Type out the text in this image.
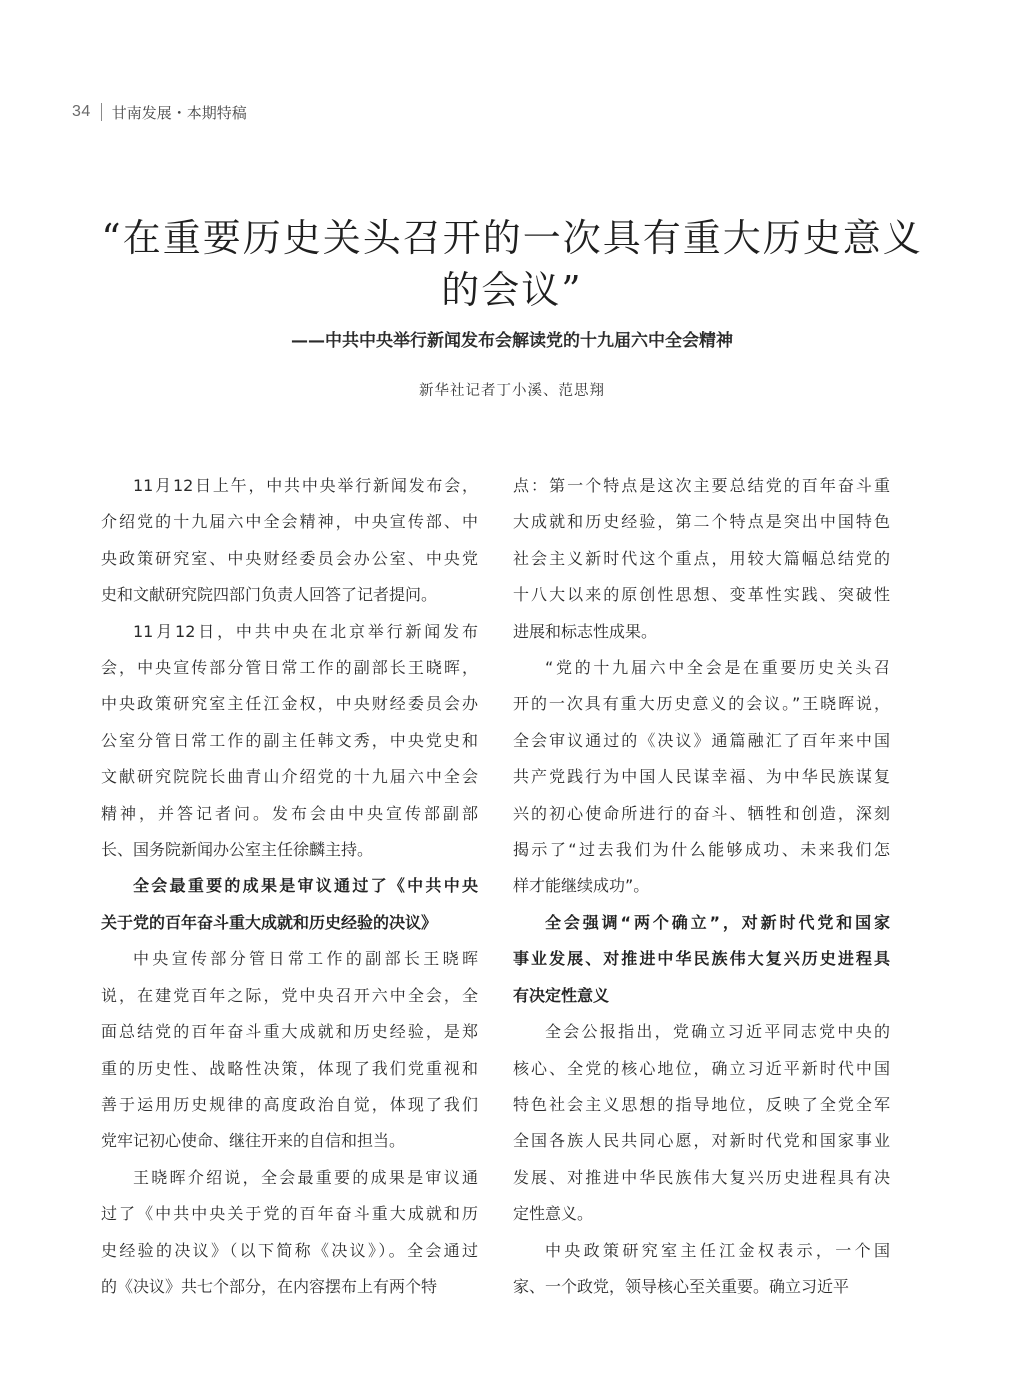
34 甘南发展・本期特稿
“在重要历史关头召开的一次具有重大历史意义
的会议”
——中共中央举行新闻发布会解读党的十九届六中全会精神
新华社记者丁小溪、范思翔

11月12日上午，中共中央举行新闻发布会，
介绍党的十九届六中全会精神，中央宣传部、中
央政策研究室、中央财经委员会办公室、中央党
史和文献研究院四部门负责人回答了记者提问。

11月12日，中共中央在北京举行新闻发布
会，中央宣传部分管日常工作的副部长王晓晖，
中央政策研究室主任江金权，中央财经委员会办
公室分管日常工作的副主任韩文秀，中央党史和
文献研究院院长曲青山介绍党的十九届六中全会
精神，并答记者问。发布会由中央宣传部副部
长、国务院新闻办公室主任徐麟主持。

全会最重要的成果是审议通过了《中共中央
关于党的百年奋斗重大成就和历史经验的决议》

中央宣传部分管日常工作的副部长王晓晖
说，在建党百年之际，党中央召开六中全会，全
面总结党的百年奋斗重大成就和历史经验，是郑
重的历史性、战略性决策，体现了我们党重视和
善于运用历史规律的高度政治自觉，体现了我们
党牢记初心使命、继往开来的自信和担当。

王晓晖介绍说，全会最重要的成果是审议通
过了《中共中央关于党的百年奋斗重大成就和历
史经验的决议》（以下简称《决议》）。全会通过
的《决议》共七个部分，在内容摆布上有两个特

点：第一个特点是这次主要总结党的百年奋斗重
大成就和历史经验，第二个特点是突出中国特色
社会主义新时代这个重点，用较大篇幅总结党的
十八大以来的原创性思想、变革性实践、突破性
进展和标志性成果。

“党的十九届六中全会是在重要历史关头召
开的一次具有重大历史意义的会议。”王晓晖说，
全会审议通过的《决议》通篇融汇了百年来中国
共产党践行为中国人民谋幸福、为中华民族谋复
兴的初心使命所进行的奋斗、牺牲和创造，深刻
揭示了“过去我们为什么能够成功、未来我们怎
样才能继续成功”。

全会强调“两个确立”，对新时代党和国家
事业发展、对推进中华民族伟大复兴历史进程具
有决定性意义

全会公报指出，党确立习近平同志党中央的
核心、全党的核心地位，确立习近平新时代中国
特色社会主义思想的指导地位，反映了全党全军
全国各族人民共同心愿，对新时代党和国家事业
发展、对推进中华民族伟大复兴历史进程具有决
定性意义。

中央政策研究室主任江金权表示，一个国
家、一个政党，领导核心至关重要。确立习近平
